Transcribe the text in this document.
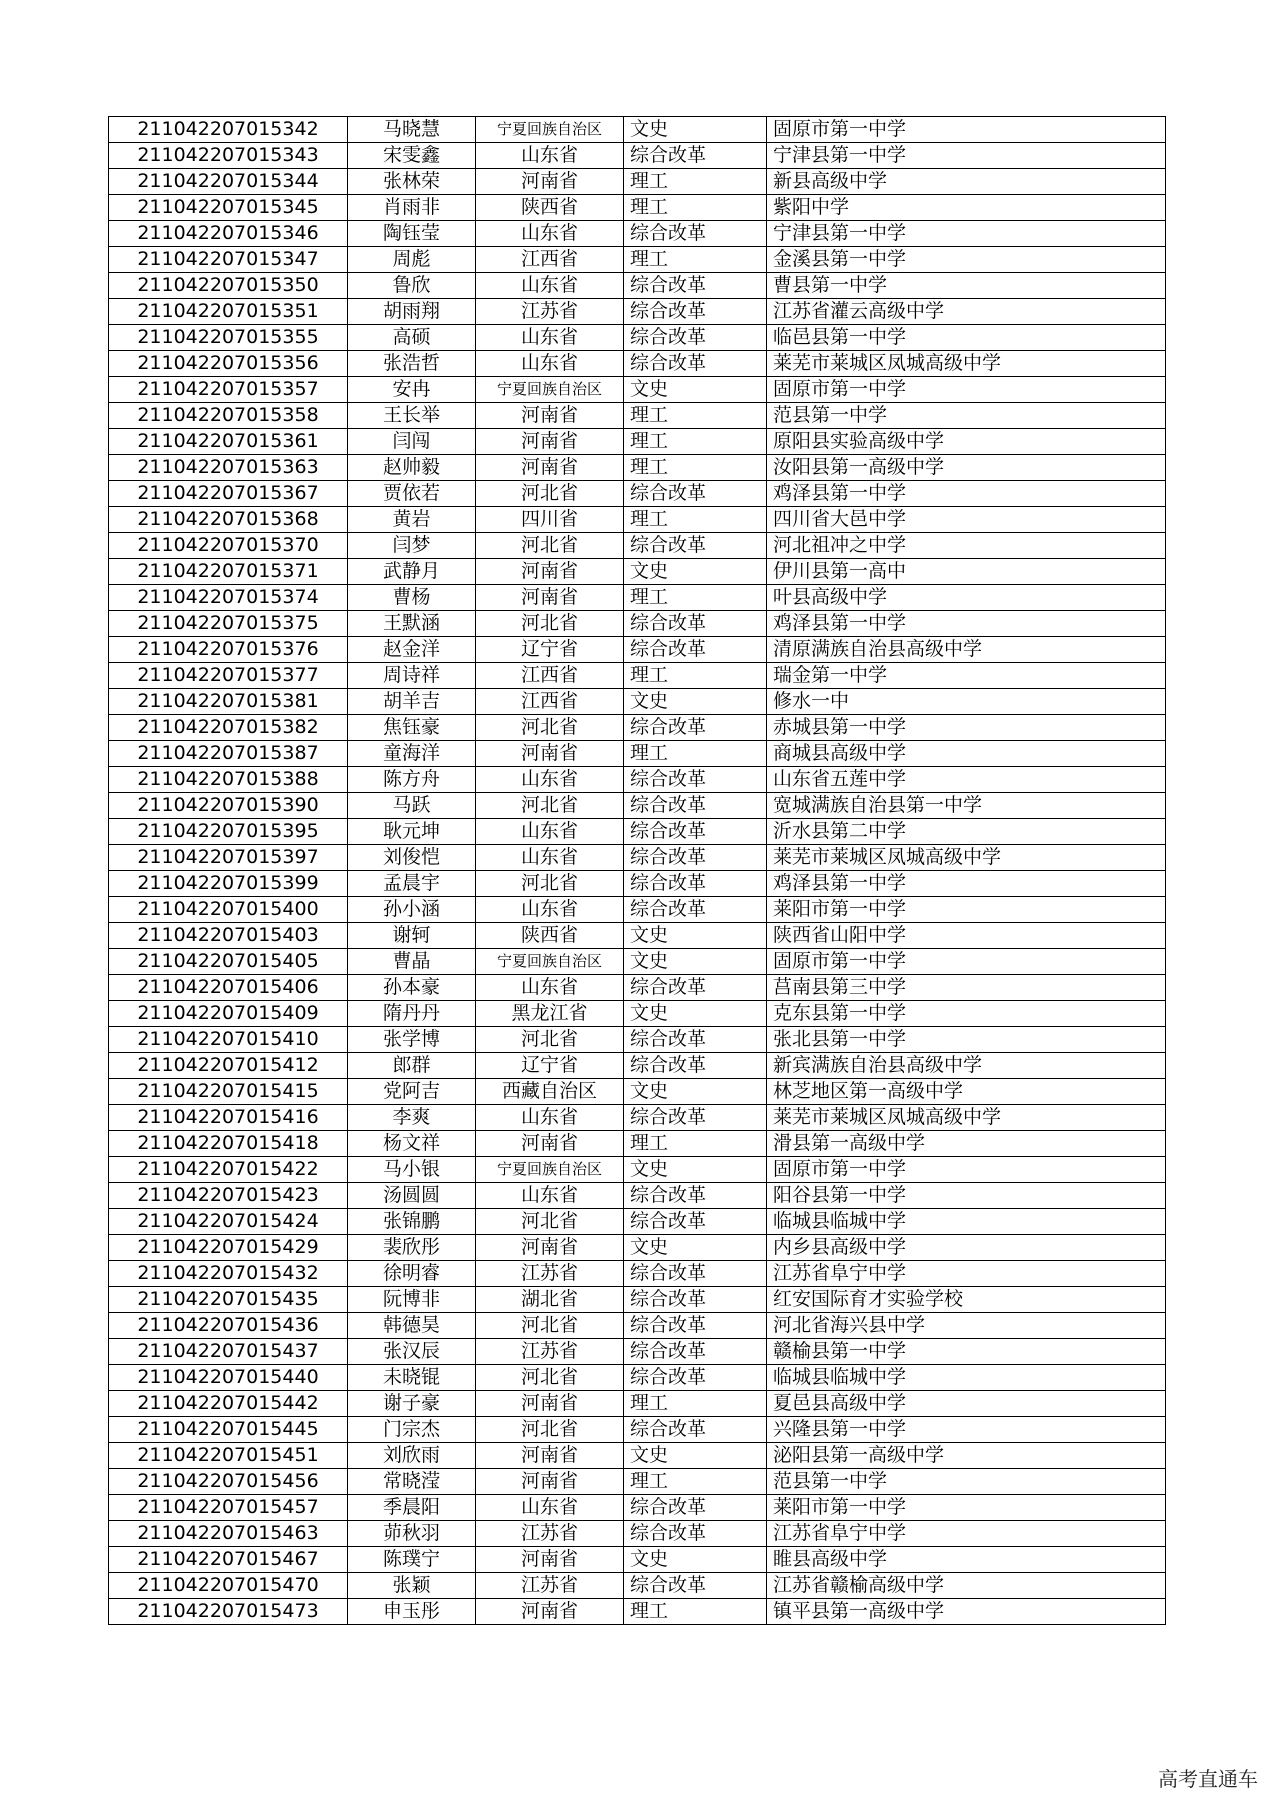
211042207015342	马晓慧	宁夏回族自治区	文史	固原市第一中学
211042207015343	宋雯鑫	山东省	综合改革	宁津县第一中学
211042207015344	张林荣	河南省	理工	新县高级中学
211042207015345	肖雨非	陕西省	理工	紫阳中学
211042207015346	陶钰莹	山东省	综合改革	宁津县第一中学
211042207015347	周彪	江西省	理工	金溪县第一中学
211042207015350	鲁欣	山东省	综合改革	曹县第一中学
211042207015351	胡雨翔	江苏省	综合改革	江苏省灌云高级中学
211042207015355	高硕	山东省	综合改革	临邑县第一中学
211042207015356	张浩哲	山东省	综合改革	莱芜市莱城区凤城高级中学
211042207015357	安冉	宁夏回族自治区	文史	固原市第一中学
211042207015358	王长举	河南省	理工	范县第一中学
211042207015361	闫闯	河南省	理工	原阳县实验高级中学
211042207015363	赵帅毅	河南省	理工	汝阳县第一高级中学
211042207015367	贾依若	河北省	综合改革	鸡泽县第一中学
211042207015368	黄岩	四川省	理工	四川省大邑中学
211042207015370	闫梦	河北省	综合改革	河北祖冲之中学
211042207015371	武静月	河南省	文史	伊川县第一高中
211042207015374	曹杨	河南省	理工	叶县高级中学
211042207015375	王默涵	河北省	综合改革	鸡泽县第一中学
211042207015376	赵金洋	辽宁省	综合改革	清原满族自治县高级中学
211042207015377	周诗祥	江西省	理工	瑞金第一中学
211042207015381	胡羊吉	江西省	文史	修水一中
211042207015382	焦钰豪	河北省	综合改革	赤城县第一中学
211042207015387	童海洋	河南省	理工	商城县高级中学
211042207015388	陈方舟	山东省	综合改革	山东省五莲中学
211042207015390	马跃	河北省	综合改革	宽城满族自治县第一中学
211042207015395	耿元坤	山东省	综合改革	沂水县第二中学
211042207015397	刘俊恺	山东省	综合改革	莱芜市莱城区凤城高级中学
211042207015399	孟晨宇	河北省	综合改革	鸡泽县第一中学
211042207015400	孙小涵	山东省	综合改革	莱阳市第一中学
211042207015403	谢轲	陕西省	文史	陕西省山阳中学
211042207015405	曹晶	宁夏回族自治区	文史	固原市第一中学
211042207015406	孙本豪	山东省	综合改革	莒南县第三中学
211042207015409	隋丹丹	黑龙江省	文史	克东县第一中学
211042207015410	张学博	河北省	综合改革	张北县第一中学
211042207015412	郎群	辽宁省	综合改革	新宾满族自治县高级中学
211042207015415	党阿吉	西藏自治区	文史	林芝地区第一高级中学
211042207015416	李爽	山东省	综合改革	莱芜市莱城区凤城高级中学
211042207015418	杨文祥	河南省	理工	滑县第一高级中学
211042207015422	马小银	宁夏回族自治区	文史	固原市第一中学
211042207015423	汤圆圆	山东省	综合改革	阳谷县第一中学
211042207015424	张锦鹏	河北省	综合改革	临城县临城中学
211042207015429	裴欣彤	河南省	文史	内乡县高级中学
211042207015432	徐明睿	江苏省	综合改革	江苏省阜宁中学
211042207015435	阮博非	湖北省	综合改革	红安国际育才实验学校
211042207015436	韩德昊	河北省	综合改革	河北省海兴县中学
211042207015437	张汉辰	江苏省	综合改革	赣榆县第一中学
211042207015440	未晓锟	河北省	综合改革	临城县临城中学
211042207015442	谢子豪	河南省	理工	夏邑县高级中学
211042207015445	门宗杰	河北省	综合改革	兴隆县第一中学
211042207015451	刘欣雨	河南省	文史	泌阳县第一高级中学
211042207015456	常晓滢	河南省	理工	范县第一中学
211042207015457	季晨阳	山东省	综合改革	莱阳市第一中学
211042207015463	茆秋羽	江苏省	综合改革	江苏省阜宁中学
211042207015467	陈璞宁	河南省	文史	睢县高级中学
211042207015470	张颖	江苏省	综合改革	江苏省赣榆高级中学
211042207015473	申玉彤	河南省	理工	镇平县第一高级中学
高考直通车
